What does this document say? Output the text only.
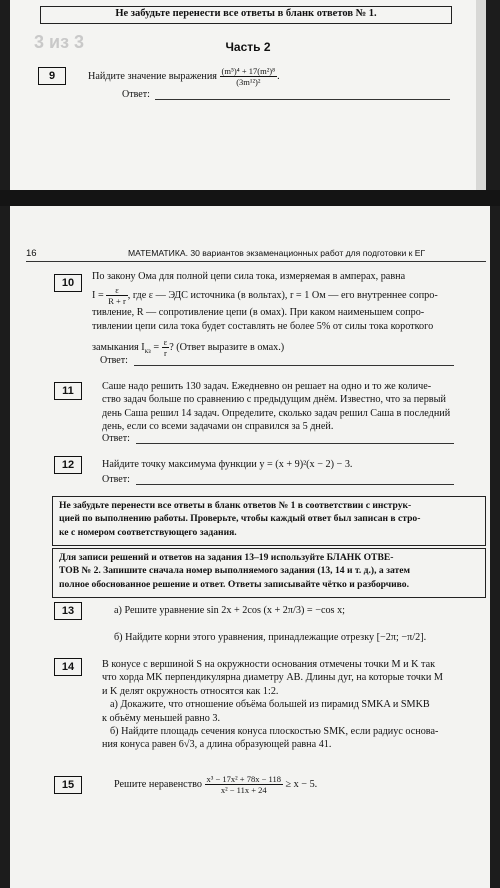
Не забудьте перенести все ответы в бланк ответов № 1.
Часть 2
9	Найдите значение выражения $\frac{\text{(m⁵)⁴ + 17(m²)⁸}}{\text{(3m¹²)²}}$ .
Ответ:
3 из 3
16	МАТЕМАТИКА. 30 вариантов экзаменационных работ для подготовки к ЕГ
10
По закону Ома для полной цепи сила тока, измеряемая в амперах, равна
$I = \frac{\varepsilon}{R + r}$ , где ε — ЭДС источника (в вольтах), r = 1 Ом — его внутреннее сопро-
тивление, R — сопротивление цепи (в омах). При каком наименьшем сопро-
тивлении цепи сила тока будет составлять не более 5% от силы тока короткого
замыкания $I_{кз} = \frac{\varepsilon}{r}$ ? (Ответ выразите в омах.)
Ответ:
11	Саше надо решить 130 задач. Ежедневно он решает на одно и то же количе-
ство задач больше по сравнению с предыдущим днём. Известно, что за первый
день Саша решил 14 задач. Определите, сколько задач решил Саша в последний
день, если со всеми задачами он справился за 5 дней.
Ответ:
12	Найдите точку максимума функции y = (x + 9)²(x − 2) − 3.
Ответ:
Не забудьте перенести все ответы в бланк ответов № 1 в соответствии с инструк-
цией по выполнению работы. Проверьте, чтобы каждый ответ был записан в стро-
ке с номером соответствующего задания.
Для записи решений и ответов на задания 13–19 используйте БЛАНК ОТВЕ-
ТОВ № 2. Запишите сначала номер выполняемого задания (13, 14 и т. д.), а затем
полное обоснованное решение и ответ. Ответы записывайте чётко и разборчиво.
13	а) Решите уравнение sin 2x + 2cos (x + 2π/3) = −cos x;
б) Найдите корни этого уравнения, принадлежащие отрезку [−2π; −π/2].
14	В конусе с вершиной S на окружности основания отмечены точки M и K так
что хорда MK перпендикулярна диаметру AB. Длины дуг, на которые точки M
и K делят окружность относятся как 1:2.
а) Докажите, что отношение объёма большей из пирамид SMKA и SMKB
к объёму меньшей равно 3.
б) Найдите площадь сечения конуса плоскостью SMK, если радиус основа-
ния конуса равен 6√3, а длина образующей равна 41.
15	Решите неравенство $\frac{\text{x³ − 17x² + 78x − 118}}{\text{x² − 11x + 24}} \ge x - 5$.
